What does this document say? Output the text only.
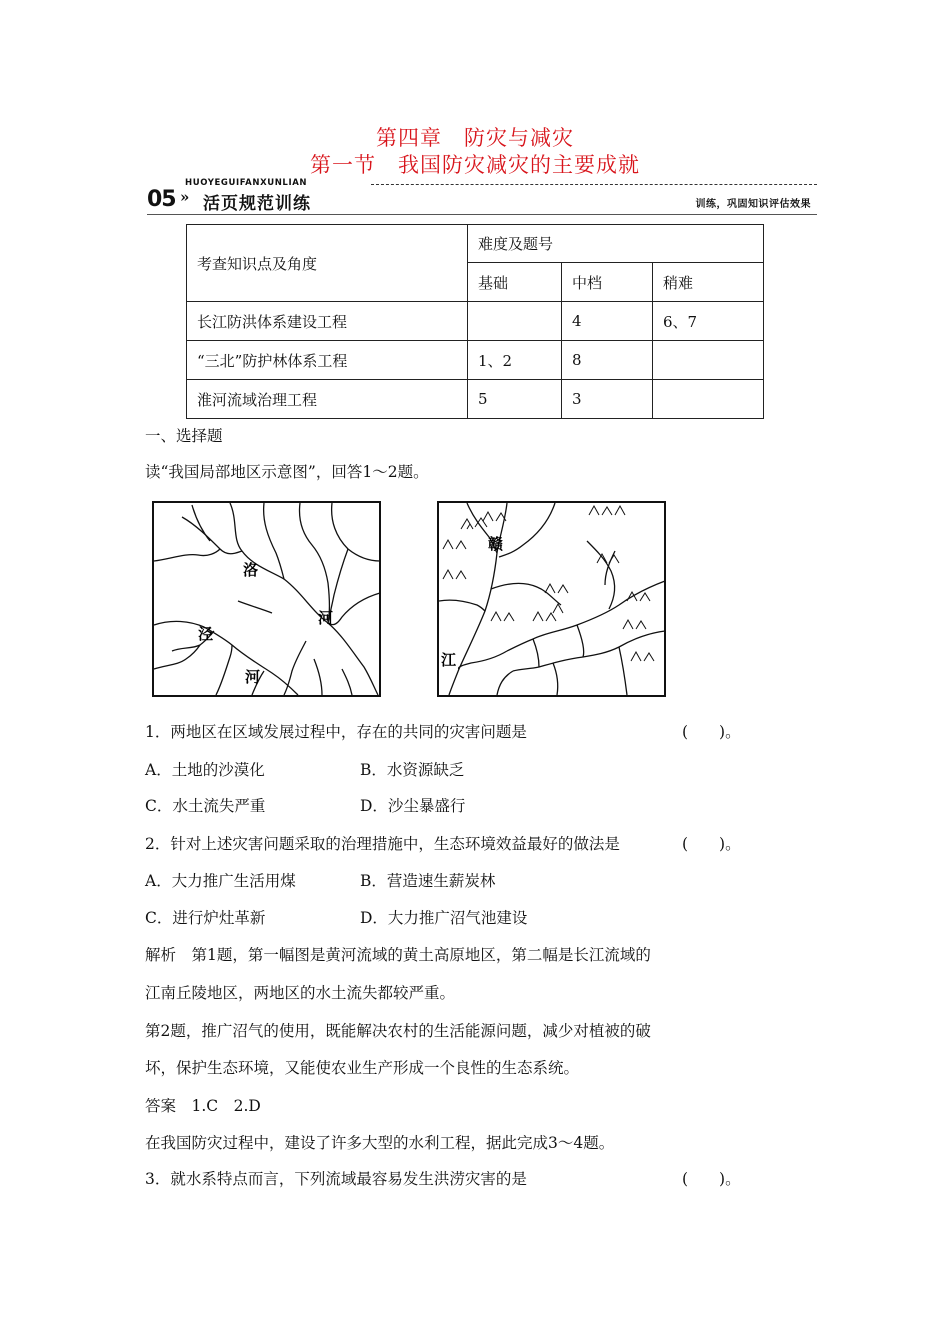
第四章　防灾与减灾
第一节　我国防灾减灾的主要成就
05 »
HUOYEGUIFANXUNLIAN
活页规范训练	训练，巩固知识评估效果
考查知识点及角度	难度及题号		
	基础	中档	稍难
长江防洪体系建设工程		4	6、7
“三北”防护林体系工程	1、2	8	
淮河流域治理工程	5	3	
一、选择题
读“我国局部地区示意图”，回答1～2题。
洛
河
泾
河
赣
江
1．两地区在区域发展过程中，存在的共同的灾害问题是	(　　)。
A．土地的沙漠化	B．水资源缺乏
C．水土流失严重	D．沙尘暴盛行
2．针对上述灾害问题采取的治理措施中，生态环境效益最好的做法是	(　　)。
A．大力推广生活用煤	B．营造速生薪炭林
C．进行炉灶革新	D．大力推广沼气池建设
解析　第1题，第一幅图是黄河流域的黄土高原地区，第二幅是长江流域的
江南丘陵地区，两地区的水土流失都较严重。
第2题，推广沼气的使用，既能解决农村的生活能源问题，减少对植被的破
坏，保护生态环境，又能使农业生产形成一个良性的生态系统。
答案　1.C　2.D
在我国防灾过程中，建设了许多大型的水利工程，据此完成3～4题。
3．就水系特点而言，下列流域最容易发生洪涝灾害的是	(　　)。
